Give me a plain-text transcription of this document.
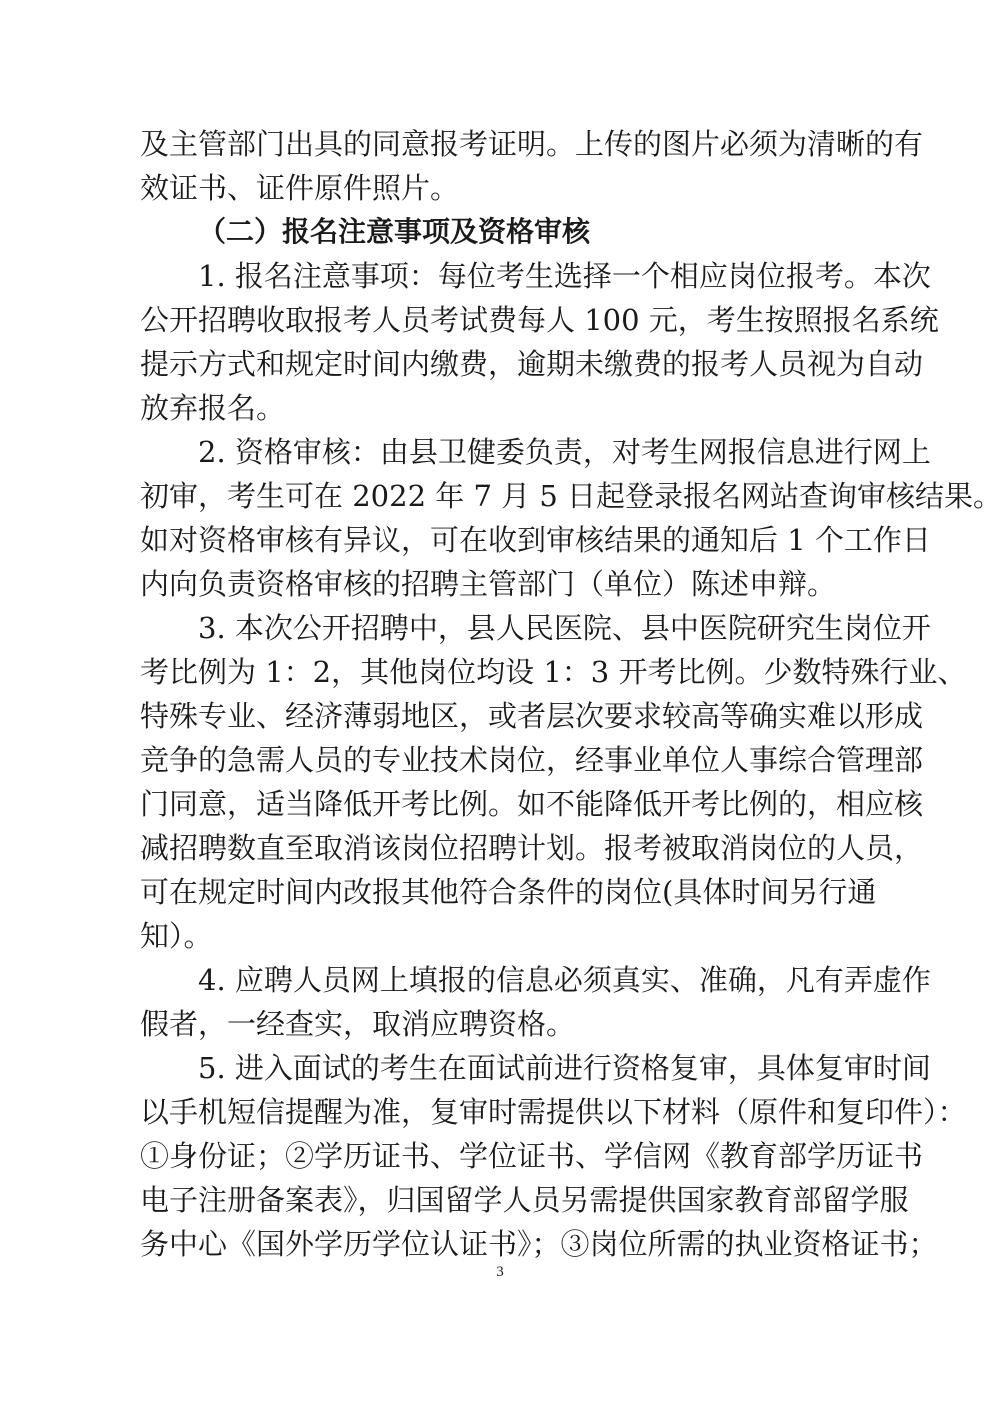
及主管部门出具的同意报考证明。上传的图片必须为清晰的有
效证书、证件原件照片。
（二）报名注意事项及资格审核
1. 报名注意事项：每位考生选择一个相应岗位报考。本次
公开招聘收取报考人员考试费每人 100 元，考生按照报名系统
提示方式和规定时间内缴费，逾期未缴费的报考人员视为自动
放弃报名。
2. 资格审核：由县卫健委负责，对考生网报信息进行网上
初审，考生可在 2022 年 7 月 5 日起登录报名网站查询审核结果。
如对资格审核有异议，可在收到审核结果的通知后 1 个工作日
内向负责资格审核的招聘主管部门（单位）陈述申辩。
3. 本次公开招聘中，县人民医院、县中医院研究生岗位开
考比例为 1：2，其他岗位均设 1：3 开考比例。少数特殊行业、
特殊专业、经济薄弱地区，或者层次要求较高等确实难以形成
竞争的急需人员的专业技术岗位，经事业单位人事综合管理部
门同意，适当降低开考比例。如不能降低开考比例的，相应核
减招聘数直至取消该岗位招聘计划。报考被取消岗位的人员，
可在规定时间内改报其他符合条件的岗位(具体时间另行通
知）。
4. 应聘人员网上填报的信息必须真实、准确，凡有弄虚作
假者，一经查实，取消应聘资格。
5. 进入面试的考生在面试前进行资格复审，具体复审时间
以手机短信提醒为准，复审时需提供以下材料（原件和复印件）：
①身份证；②学历证书、学位证书、学信网《教育部学历证书
电子注册备案表》，归国留学人员另需提供国家教育部留学服
务中心《国外学历学位认证书》；③岗位所需的执业资格证书；
3
